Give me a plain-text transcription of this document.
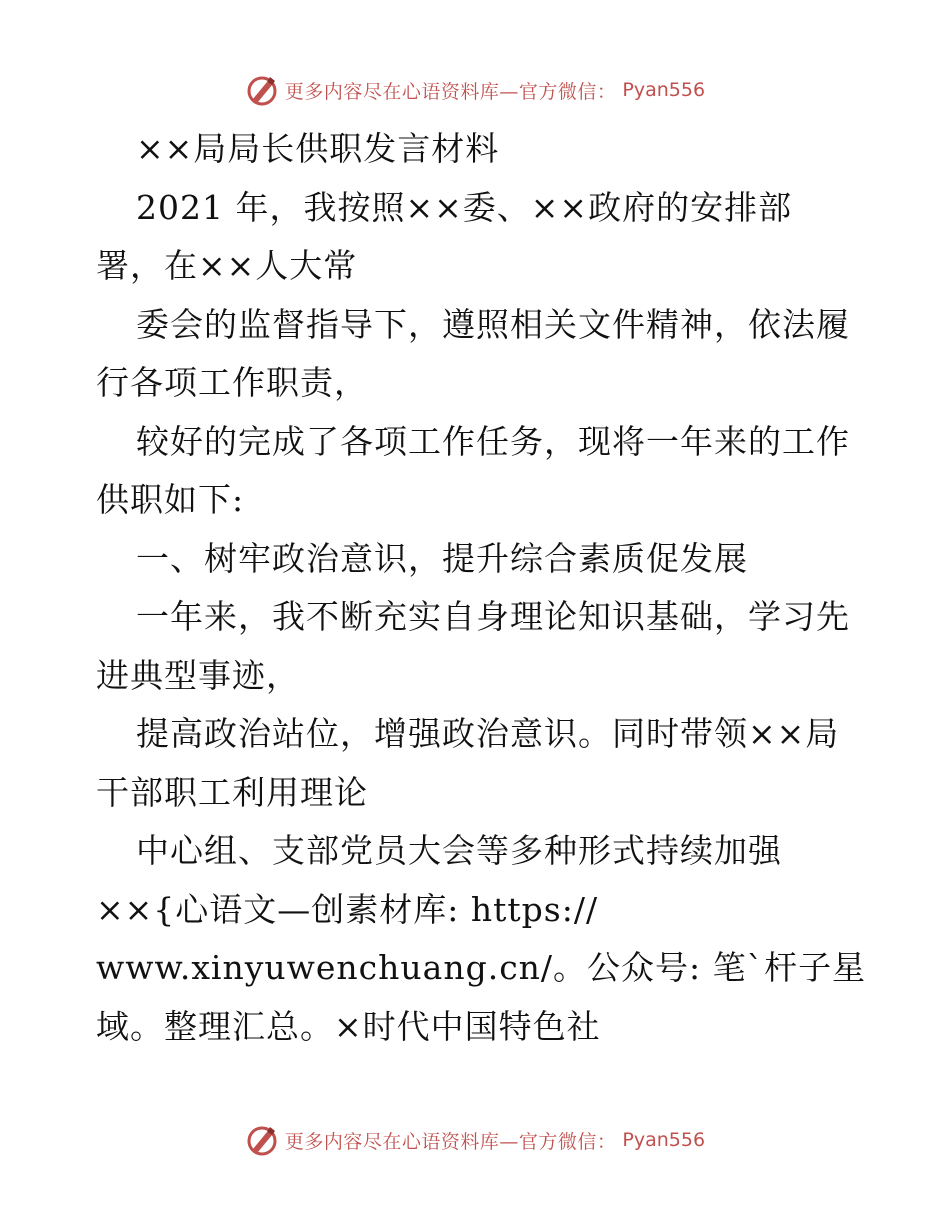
更多内容尽在心语资料库—官方微信： Pyan556
××局局长供职发言材料
2021 年，我按照××委、××政府的安排部
署，在××人大常
委会的监督指导下，遵照相关文件精神，依法履
行各项工作职责，
较好的完成了各项工作任务，现将一年来的工作
供职如下:
一、树牢政治意识，提升综合素质促发展
一年来，我不断充实自身理论知识基础，学习先
进典型事迹，
提高政治站位，增强政治意识。同时带领××局
干部职工利用理论
中心组、支部党员大会等多种形式持续加强
××{心语文—创素材库: https://
www.xinyuwenchuang.cn/。公众号: 笔`杆子星
域。整理汇总。×时代中国特色社
更多内容尽在心语资料库—官方微信： Pyan556
